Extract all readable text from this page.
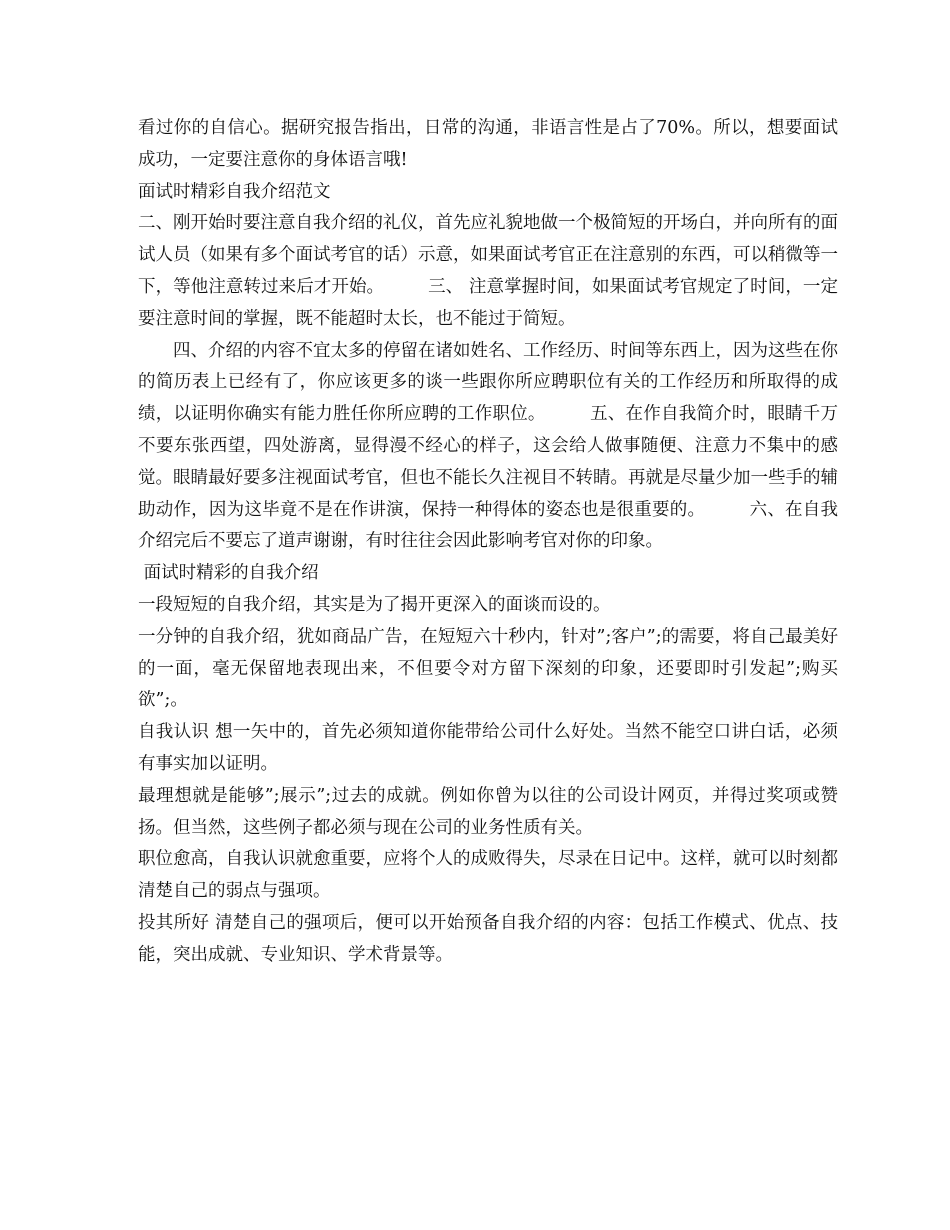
看过你的自信心。据研究报告指出，日常的沟通，非语言性是占了70%。所以，想要面试成功，一定要注意你的身体语言哦!

面试时精彩自我介绍范文

二、刚开始时要注意自我介绍的礼仪，首先应礼貌地做一个极简短的开场白，并向所有的面试人员（如果有多个面试考官的话）示意，如果面试考官正在注意别的东西，可以稍微等一下，等他注意转过来后才开始。　　　三、 注意掌握时间，如果面试考官规定了时间，一定要注意时间的掌握，既不能超时太长，也不能过于简短。

　　四、介绍的内容不宜太多的停留在诸如姓名、工作经历、时间等东西上，因为这些在你的简历表上已经有了，你应该更多的谈一些跟你所应聘职位有关的工作经历和所取得的成绩，以证明你确实有能力胜任你所应聘的工作职位。　　　五、在作自我简介时，眼睛千万不要东张西望，四处游离，显得漫不经心的样子，这会给人做事随便、注意力不集中的感觉。眼睛最好要多注视面试考官，但也不能长久注视目不转睛。再就是尽量少加一些手的辅助动作，因为这毕竟不是在作讲演，保持一种得体的姿态也是很重要的。　　　六、在自我介绍完后不要忘了道声谢谢，有时往往会因此影响考官对你的印象。

面试时精彩的自我介绍

一段短短的自我介绍，其实是为了揭开更深入的面谈而设的。

一分钟的自我介绍，犹如商品广告，在短短六十秒内，针对”;客户”;的需要，将自己最美好的一面，毫无保留地表现出来，不但要令对方留下深刻的印象，还要即时引发起”;购买欲”;。

自我认识 想一矢中的，首先必须知道你能带给公司什么好处。当然不能空口讲白话，必须有事实加以证明。

最理想就是能够”;展示”;过去的成就。例如你曾为以往的公司设计网页，并得过奖项或赞扬。但当然，这些例子都必须与现在公司的业务性质有关。

职位愈高，自我认识就愈重要，应将个人的成败得失，尽录在日记中。这样，就可以时刻都清楚自己的弱点与强项。

投其所好 清楚自己的强项后，便可以开始预备自我介绍的内容：包括工作模式、优点、技能，突出成就、专业知识、学术背景等。
